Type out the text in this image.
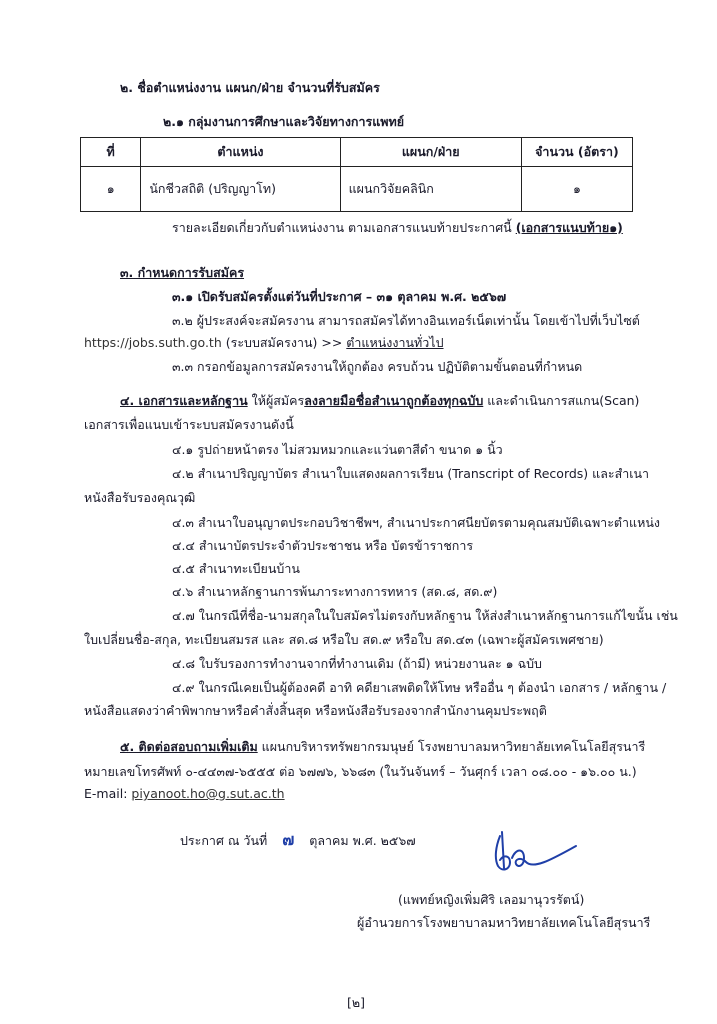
๒. ชื่อตำแหน่งงาน แผนก/ฝ่าย จำนวนที่รับสมัคร
๒.๑ กลุ่มงานการศึกษาและวิจัยทางการแพทย์
ที่	ตำแหน่ง	แผนก/ฝ่าย	จำนวน (อัตรา)
๑	นักชีวสถิติ (ปริญญาโท)	แผนกวิจัยคลินิก	๑
รายละเอียดเกี่ยวกับตำแหน่งงาน ตามเอกสารแนบท้ายประกาศนี้ (เอกสารแนบท้าย๑)
๓. กำหนดการรับสมัคร
๓.๑ เปิดรับสมัครตั้งแต่วันที่ประกาศ – ๓๑ ตุลาคม พ.ศ. ๒๕๖๗
๓.๒ ผู้ประสงค์จะสมัครงาน สามารถสมัครได้ทางอินเทอร์เน็ตเท่านั้น โดยเข้าไปที่เว็บไซต์
https://jobs.suth.go.th (ระบบสมัครงาน) >> ตำแหน่งงานทั่วไป
๓.๓ กรอกข้อมูลการสมัครงานให้ถูกต้อง ครบถ้วน ปฏิบัติตามขั้นตอนที่กำหนด
๔. เอกสารและหลักฐาน ให้ผู้สมัครลงลายมือชื่อสำเนาถูกต้องทุกฉบับ และดำเนินการสแกน(Scan)
เอกสารเพื่อแนบเข้าระบบสมัครงานดังนี้
๔.๑ รูปถ่ายหน้าตรง ไม่สวมหมวกและแว่นตาสีดำ ขนาด ๑ นิ้ว
๔.๒ สำเนาปริญญาบัตร สำเนาใบแสดงผลการเรียน (Transcript of Records) และสำเนา
หนังสือรับรองคุณวุฒิ
๔.๓ สำเนาใบอนุญาตประกอบวิชาชีพฯ, สำเนาประกาศนียบัตรตามคุณสมบัติเฉพาะตำแหน่ง
๔.๔ สำเนาบัตรประจำตัวประชาชน หรือ บัตรข้าราชการ
๔.๕ สำเนาทะเบียนบ้าน
๔.๖ สำเนาหลักฐานการพ้นภาระทางการทหาร (สด.๘, สด.๙)
๔.๗ ในกรณีที่ชื่อ-นามสกุลในใบสมัครไม่ตรงกับหลักฐาน ให้ส่งสำเนาหลักฐานการแก้ไขนั้น เช่น
ใบเปลี่ยนชื่อ-สกุล, ทะเบียนสมรส และ สด.๘ หรือใบ สด.๙ หรือใบ สด.๔๓ (เฉพาะผู้สมัครเพศชาย)
๔.๘ ใบรับรองการทำงานจากที่ทำงานเดิม (ถ้ามี) หน่วยงานละ ๑ ฉบับ
๔.๙ ในกรณีเคยเป็นผู้ต้องคดี อาทิ คดียาเสพติดให้โทษ หรืออื่น ๆ ต้องนำ เอกสาร / หลักฐาน /
หนังสือแสดงว่าคำพิพากษาหรือคำสั่งสิ้นสุด หรือหนังสือรับรองจากสำนักงานคุมประพฤติ
๕. ติดต่อสอบถามเพิ่มเติม แผนกบริหารทรัพยากรมนุษย์ โรงพยาบาลมหาวิทยาลัยเทคโนโลยีสุรนารี
หมายเลขโทรศัพท์ ๐-๔๔๓๗-๖๕๕๕ ต่อ ๖๗๗๖, ๖๖๘๓ (ในวันจันทร์ – วันศุกร์ เวลา ๐๘.๐๐ - ๑๖.๐๐ น.)
E-mail: piyanoot.ho@g.sut.ac.th
ประกาศ ณ วันที่ ๗ ตุลาคม พ.ศ. ๒๕๖๗
(แพทย์หญิงเพิ่มศิริ เลอมานุวรรัตน์)
ผู้อำนวยการโรงพยาบาลมหาวิทยาลัยเทคโนโลยีสุรนารี
[๒]
